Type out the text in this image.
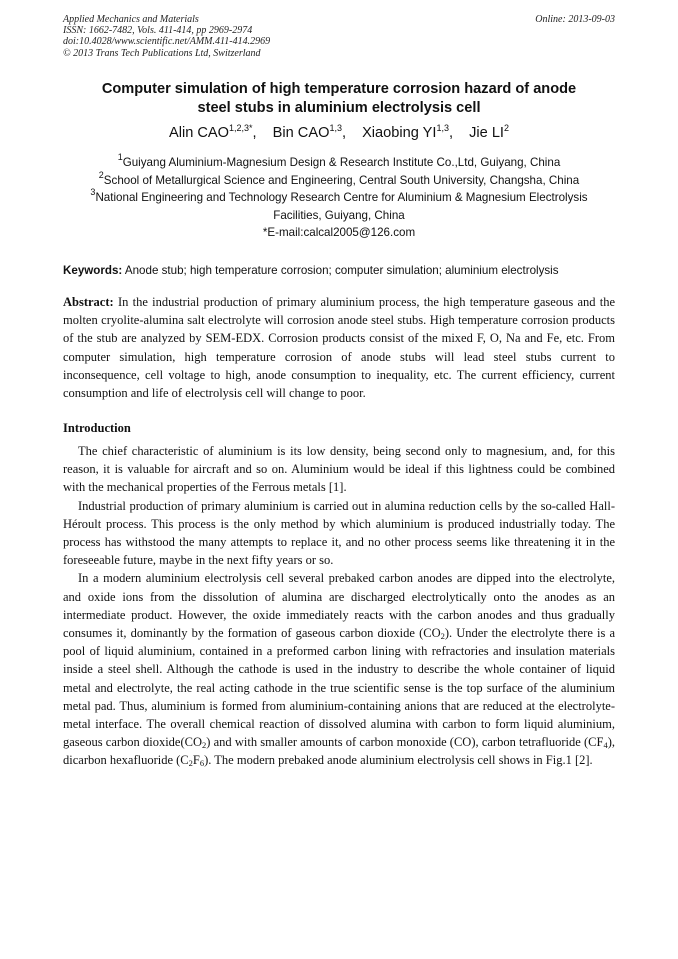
Applied Mechanics and Materials
ISSN: 1662-7482, Vols. 411-414, pp 2969-2974
doi:10.4028/www.scientific.net/AMM.411-414.2969
© 2013 Trans Tech Publications Ltd, Switzerland
Online: 2013-09-03
Computer simulation of high temperature corrosion hazard of anode
steel stubs in aluminium electrolysis cell
Alin $CAO^{1,2,3*}$, Bin CAO$^{1,3}$, Xiaobing YI$^{1,3}$, Jie $LI^2$
$^1$Guiyang Aluminium-Magnesium Design & Research Institute Co.,Ltd, Guiyang, China
$^2$School of Metallurgical Science and Engineering, Central South University, Changsha, China
$^3$National Engineering and Technology Research Centre for Aluminium & Magnesium Electrolysis
Facilities, Guiyang, China
*E-mail:calcal2005@126.com
Keywords: Anode stub; high temperature corrosion; computer simulation; aluminium electrolysis
Abstract: In the industrial production of primary aluminium process, the high temperature gaseous and the molten cryolite-alumina salt electrolyte will corrosion anode steel stubs. High temperature corrosion products of the stub are analyzed by SEM-EDX. Corrosion products consist of the mixed F, O, Na and Fe, etc. From computer simulation, high temperature corrosion of anode stubs will lead steel stubs current to inconsequence, cell voltage to high, anode consumption to inequality, etc. The current efficiency, current consumption and life of electrolysis cell will change to poor.
Introduction

The chief characteristic of aluminium is its low density, being second only to magnesium, and, for this reason, it is valuable for aircraft and so on. Aluminium would be ideal if this lightness could be combined with the mechanical properties of the Ferrous metals [1].

Industrial production of primary aluminium is carried out in alumina reduction cells by the so-called Hall- Héroult process. This process is the only method by which aluminium is produced industrially today. The process has withstood the many attempts to replace it, and no other process seems like threatening it in the foreseeable future, maybe in the next fifty years or so.

In a modern aluminium electrolysis cell several prebaked carbon anodes are dipped into the electrolyte, and oxide ions from the dissolution of alumina are discharged electrolytically onto the anodes as an intermediate product. However, the oxide immediately reacts with the carbon anodes and thus gradually consumes it, dominantly by the formation of gaseous carbon dioxide $(CO_2)$. Under the electrolyte there is a pool of liquid aluminium, contained in a preformed carbon lining with refractories and insulation materials inside a steel shell. Although the cathode is used in the industry to describe the whole container of liquid metal and electrolyte, the real acting cathode in the true scientific sense is the top surface of the aluminium metal pad. Thus, aluminium is formed from aluminium-containing anions that are reduced at the electrolyte-metal interface. The overall chemical reaction of dissolved alumina with carbon to form liquid aluminium, gaseous carbon $dioxide(CO_2)$ and with smaller amounts of carbon monoxide (CO), carbon tetrafluoride $(CF_4)$, dicarbon hexafluoride $(C_2F_6)$. The modern prebaked anode aluminium electrolysis cell shows in Fig.1 [2].
